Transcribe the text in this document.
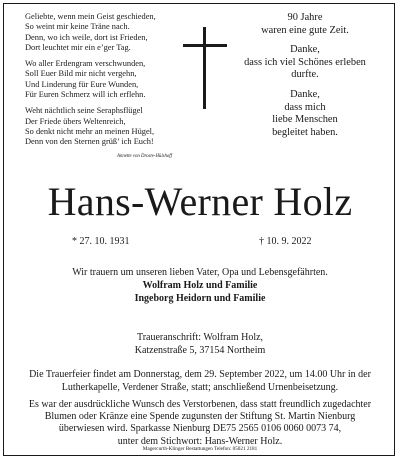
Geliebte, wenn mein Geist geschieden,
So weint mir keine Träne nach.
Denn, wo ich weile, dort ist Frieden,
Dort leuchtet mir ein e’ger Tag.
Wo aller Erdengram verschwunden,
Soll Euer Bild mir nicht vergehn,
Und Linderung für Eure Wunden,
Für Euren Schmerz will ich erflehn.
Weht nächtlich seine Seraphsflügel
Der Friede übers Weltenreich,
So denkt nicht mehr an meinen Hügel,
Denn von den Sternen grüß’ ich Euch!
Annette von Droste-Hülshoff
90 Jahre
waren eine gute Zeit.
Danke,
dass ich viel Schönes erleben
durfte.
Danke,
dass mich
liebe Menschen
begleitet haben.
Hans-Werner Holz
* 27. 10. 1931	† 10. 9. 2022
Wir trauern um unseren lieben Vater, Opa und Lebensgefährten.
Wolfram Holz und Familie
Ingeborg Heidorn und Familie
Traueranschrift: Wolfram Holz,
Katzenstraße 5, 37154 Northeim
Die Trauerfeier findet am Donnerstag, dem 29. September 2022, um 14.00 Uhr in der
Lutherkapelle, Verdener Straße, statt; anschließend Urnenbeisetzung.
Es war der ausdrückliche Wunsch des Verstorbenen, dass statt freundlich zugedachter
Blumen oder Kränze eine Spende zugunsten der Stiftung St. Martin Nienburg
überwiesen wird. Sparkasse Nienburg DE75 2565 0106 0060 0073 74,
unter dem Stichwort: Hans-Werner Holz.
Magercurth-Klinger Bestattungen Telefon: 05021 2181
